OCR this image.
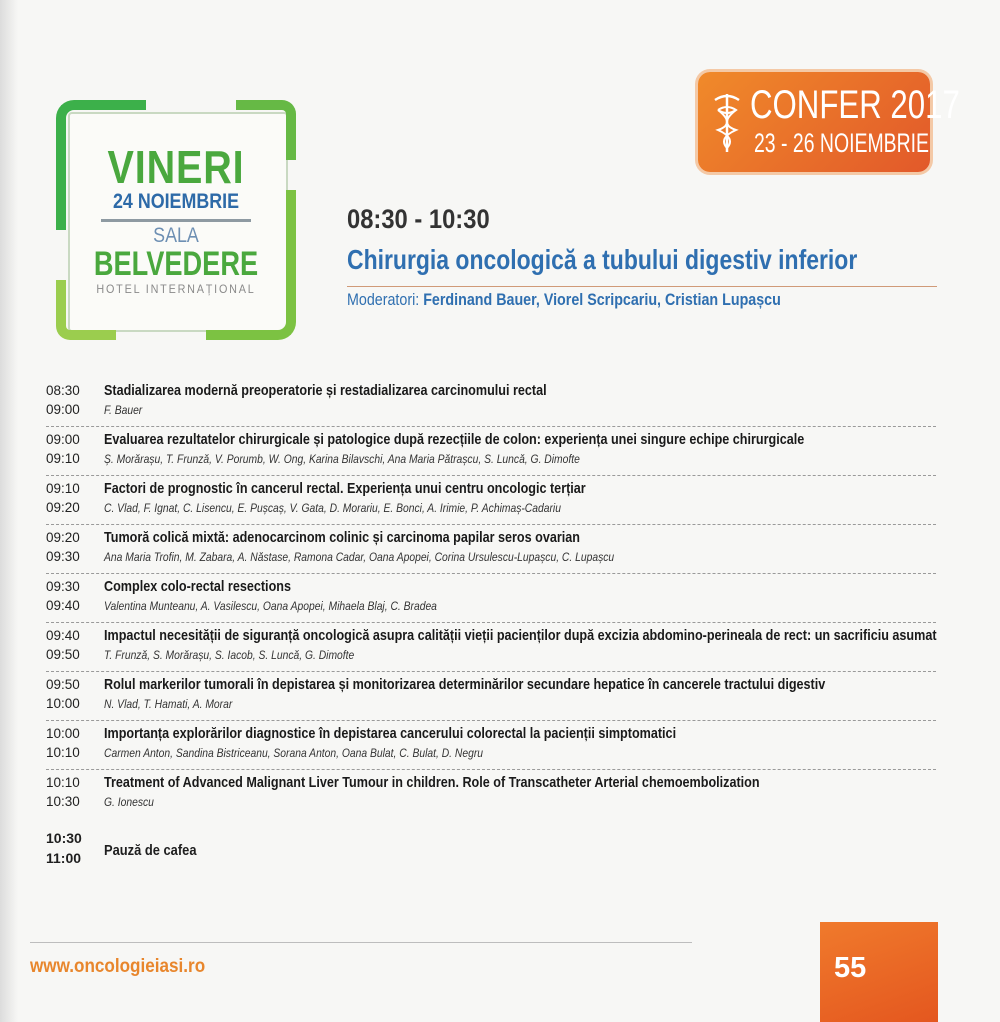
VINERI
24 NOIEMBRIE
SALA
BELVEDERE
HOTEL INTERNAȚIONAL
CONFER 2017
23 - 26 NOIEMBRIE
08:30 - 10:30
Chirurgia oncologică a tubului digestiv inferior
Moderatori: Ferdinand Bauer, Viorel Scripcariu, Cristian Lupașcu
08:30
09:00
Stadializarea modernă preoperatorie și restadializarea carcinomului rectal
F. Bauer
09:00
09:10
Evaluarea rezultatelor chirurgicale și patologice după rezecțiile de colon: experiența unei singure echipe chirurgicale
Ș. Morărașu, T. Frunză, V. Porumb, W. Ong, Karina Bilavschi, Ana Maria Pătrașcu, S. Luncă, G. Dimofte
09:10
09:20
Factori de prognostic în cancerul rectal. Experiența unui centru oncologic terțiar
C. Vlad, F. Ignat, C. Lisencu, E. Pușcaș, V. Gata, D. Morariu, E. Bonci, A. Irimie, P. Achimaș-Cadariu
09:20
09:30
Tumoră colică mixtă: adenocarcinom colinic și carcinoma papilar seros ovarian
Ana Maria Trofin, M. Zabara, A. Năstase, Ramona Cadar, Oana Apopei, Corina Ursulescu-Lupașcu, C. Lupașcu
09:30
09:40
Complex colo-rectal resections
Valentina Munteanu, A. Vasilescu, Oana Apopei, Mihaela Blaj, C. Bradea
09:40
09:50
Impactul necesității de siguranță oncologică asupra calității vieții pacienților după excizia abdomino-perineala de rect: un sacrificiu asumat
T. Frunză, S. Morărașu, S. Iacob, S. Luncă, G. Dimofte
09:50
10:00
Rolul markerilor tumorali în depistarea și monitorizarea determinărilor secundare hepatice în cancerele tractului digestiv
N. Vlad, T. Hamati, A. Morar
10:00
10:10
Importanța explorărilor diagnostice în depistarea cancerului colorectal la pacienții simptomatici
Carmen Anton, Sandina Bistriceanu, Sorana Anton, Oana Bulat, C. Bulat, D. Negru
10:10
10:30
Treatment of Advanced Malignant Liver Tumour in children. Role of Transcatheter Arterial chemoembolization
G. Ionescu
10:30
11:00 Pauză de cafea
www.oncologieiasi.ro	55
